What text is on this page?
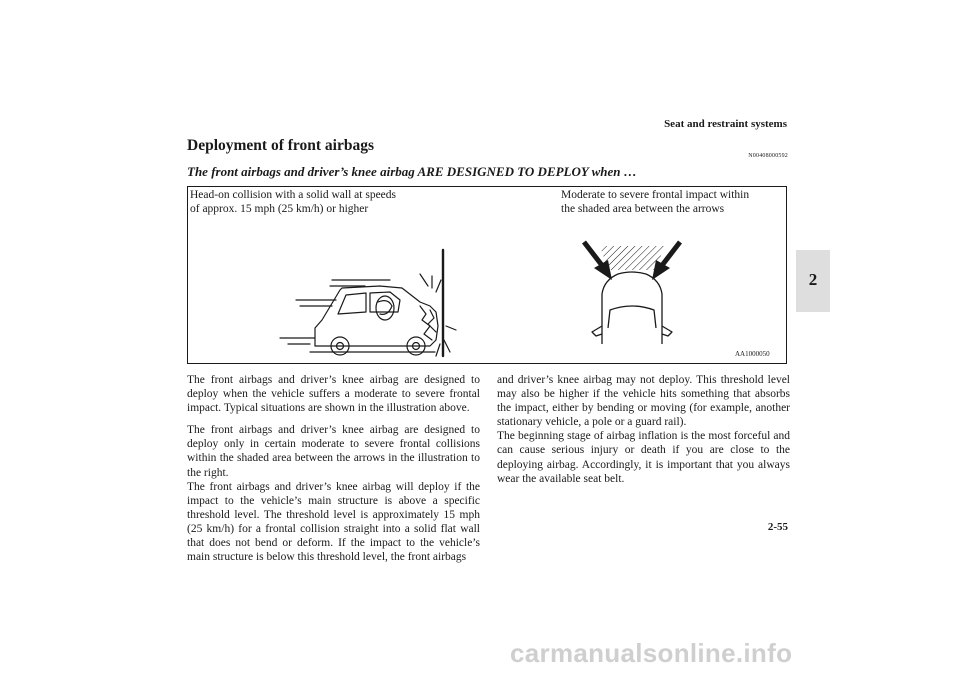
Seat and restraint systems
2
Deployment of front airbags
N00408000592
The front airbags and driver’s knee airbag ARE DESIGNED TO DEPLOY when …
Head-on collision with a solid wall at speeds
of approx. 15 mph (25 km/h) or higher
Moderate to severe frontal impact within
the shaded area between the arrows
AA1000050

The front airbags and driver’s knee airbag are designed to deploy when the vehicle suffers a moderate to severe frontal impact. Typical situations are shown in the illustration above.

The front airbags and driver’s knee airbag are designed to deploy only in certain moderate to severe frontal collisions within the shaded area between the arrows in the illustration to the right.

The front airbags and driver’s knee airbag will deploy if the impact to the vehicle’s main structure is above a specific threshold level. The threshold level is approximately 15 mph (25 km/h) for a frontal collision straight into a solid flat wall that does not bend or deform. If the impact to the vehicle’s main structure is below this threshold level, the front airbags

and driver’s knee airbag may not deploy. This threshold level may also be higher if the vehicle hits something that absorbs the impact, either by bending or moving (for example, another stationary vehicle, a pole or a guard rail).

The beginning stage of airbag inflation is the most forceful and can cause serious injury or death if you are close to the deploying airbag. Accordingly, it is important that you always wear the available seat belt.

2-55
carmanualsonline.info
